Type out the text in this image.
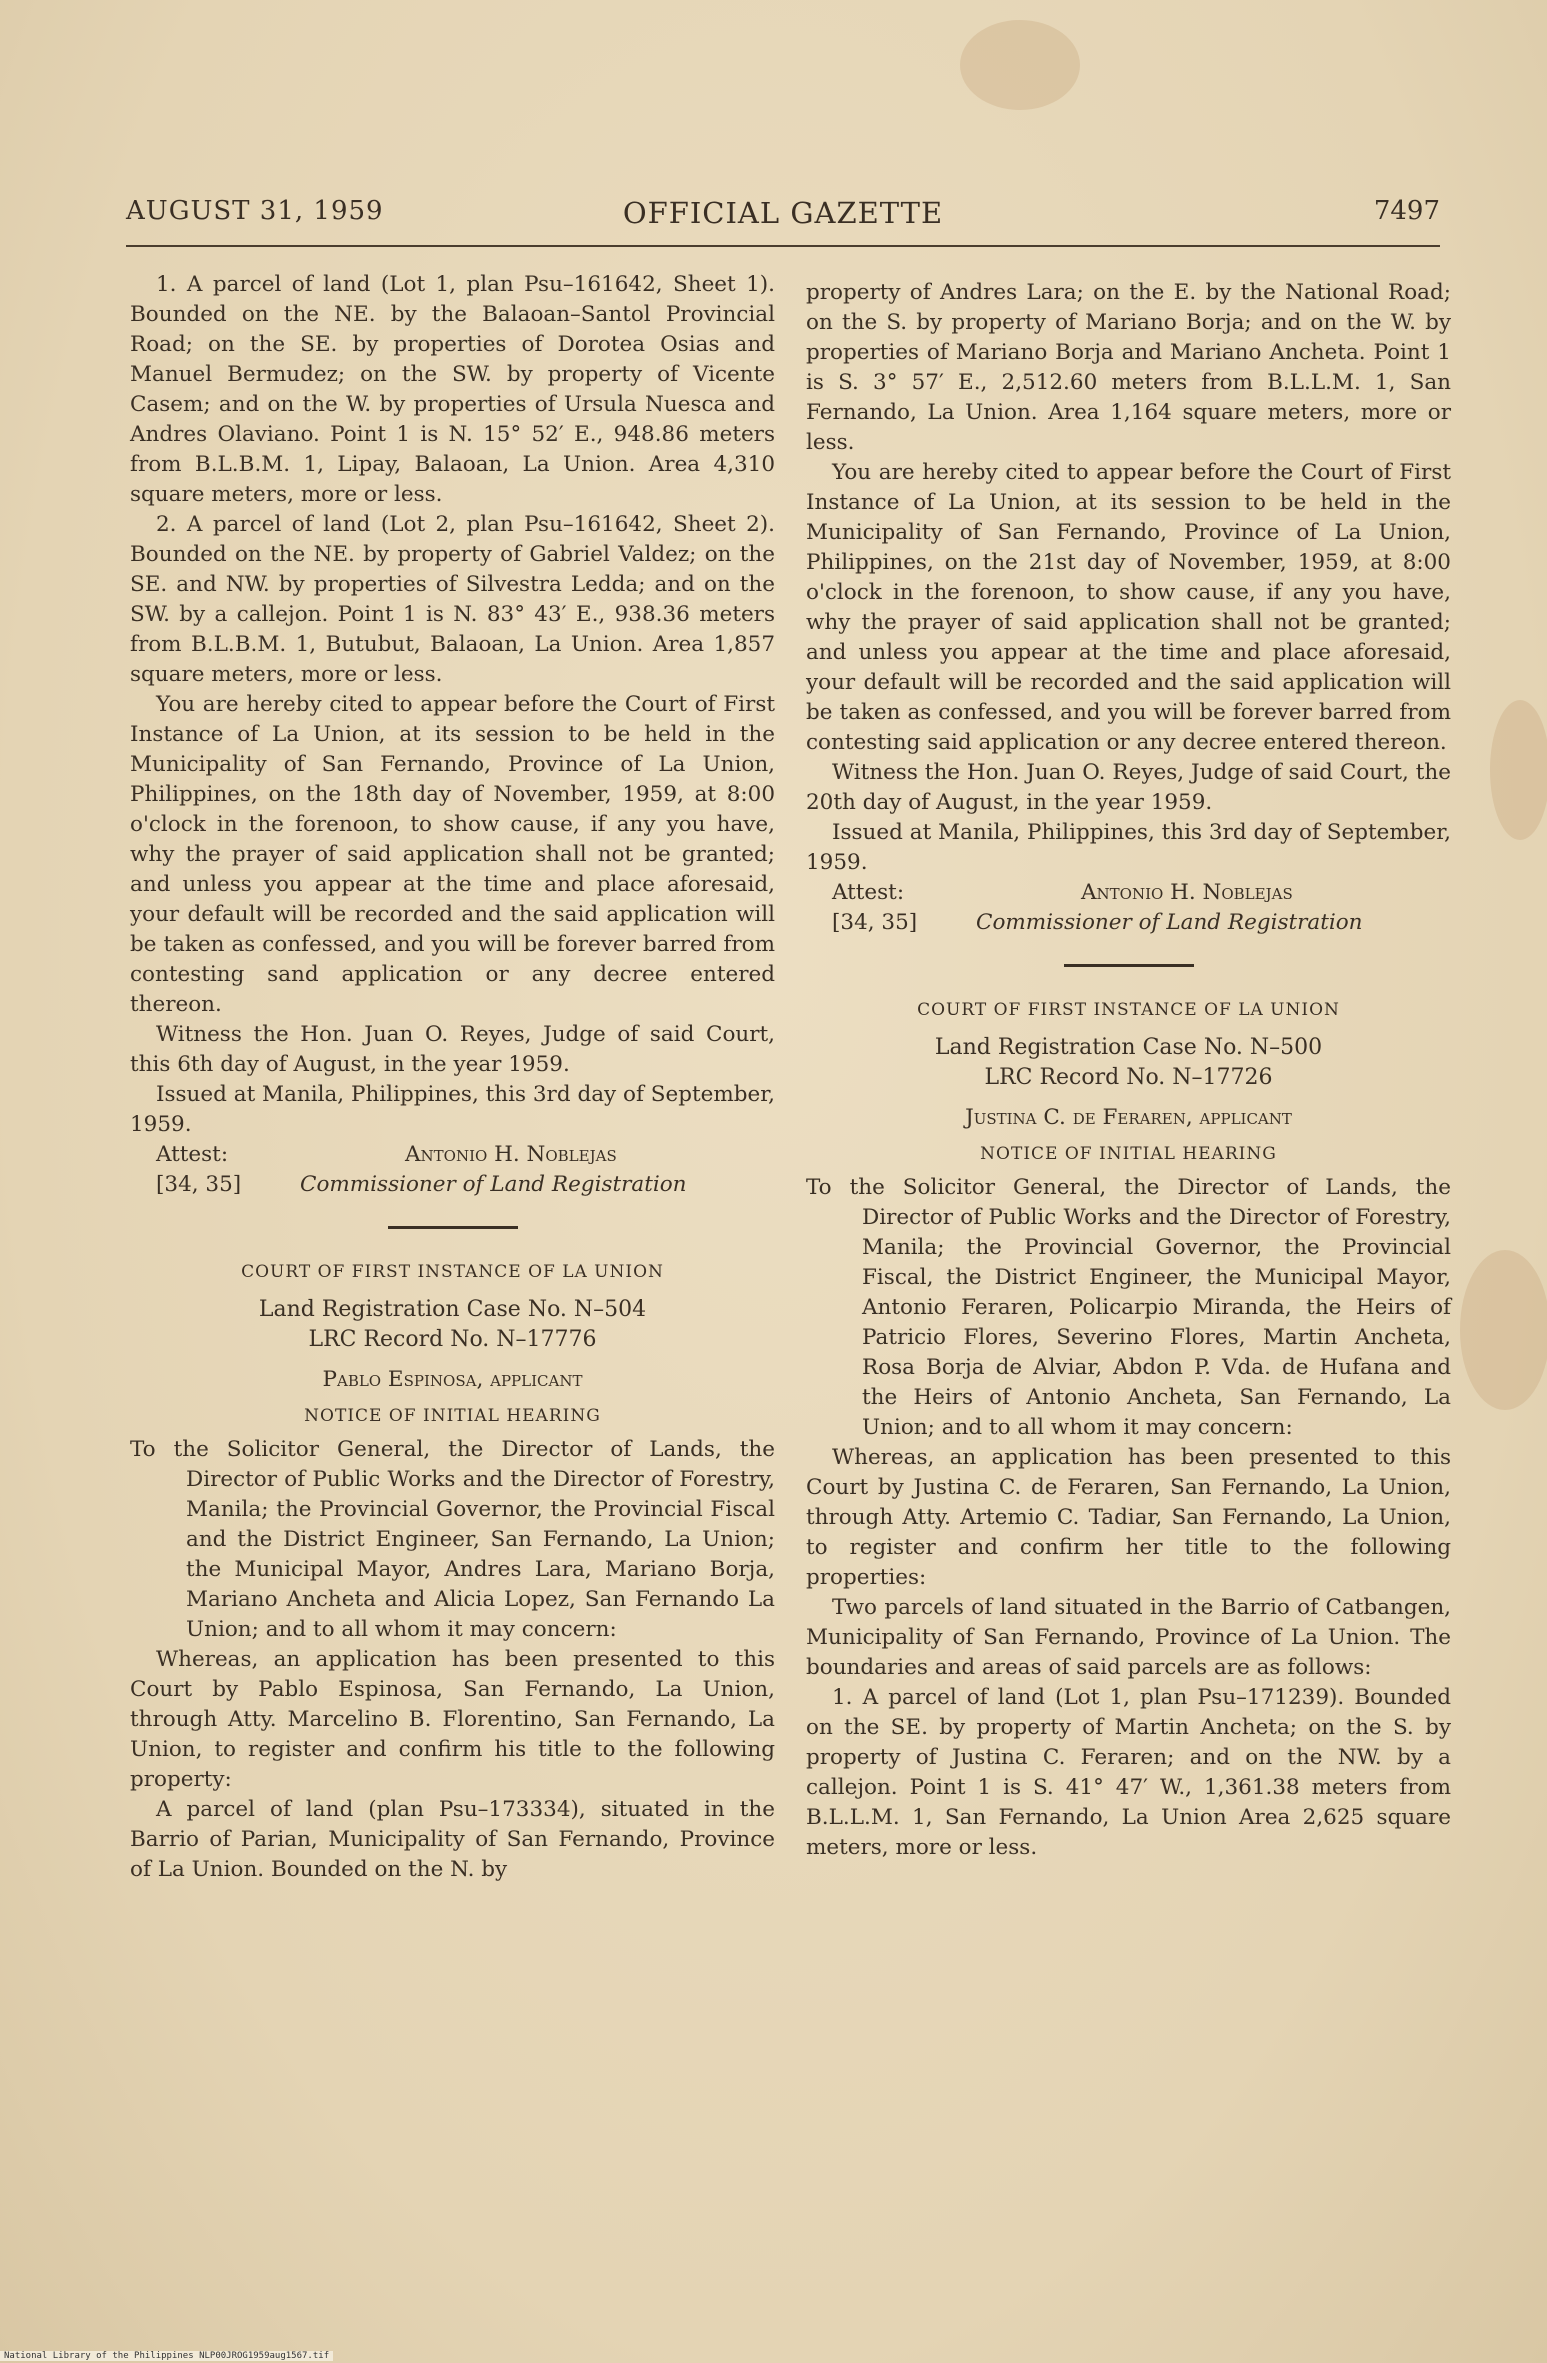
AUGUST 31, 1959	OFFICIAL GAZETTE	7497

1. A parcel of land (Lot 1, plan Psu–161642, Sheet 1). Bounded on the NE. by the Balaoan–Santol Provincial Road; on the SE. by properties of Dorotea Osias and Manuel Bermudez; on the SW. by property of Vicente Casem; and on the W. by properties of Ursula Nuesca and Andres Olaviano. Point 1 is N. 15° 52′ E., 948.86 meters from B.L.B.M. 1, Lipay, Balaoan, La Union. Area 4,310 square meters, more or less.

2. A parcel of land (Lot 2, plan Psu–161642, Sheet 2). Bounded on the NE. by property of Gabriel Valdez; on the SE. and NW. by properties of Silvestra Ledda; and on the SW. by a callejon. Point 1 is N. 83° 43′ E., 938.36 meters from B.L.B.M. 1, Butubut, Balaoan, La Union. Area 1,857 square meters, more or less.

You are hereby cited to appear before the Court of First Instance of La Union, at its session to be held in the Municipality of San Fernando, Province of La Union, Philippines, on the 18th day of November, 1959, at 8:00 o'clock in the forenoon, to show cause, if any you have, why the prayer of said application shall not be granted; and unless you appear at the time and place aforesaid, your default will be recorded and the said application will be taken as confessed, and you will be forever barred from contesting sand application or any decree entered thereon.

Witness the Hon. Juan O. Reyes, Judge of said Court, this 6th day of August, in the year 1959.

Issued at Manila, Philippines, this 3rd day of September, 1959.

Attest:
[34, 35]
Antonio H. Noblejas
Commissioner of Land Registration
COURT OF FIRST INSTANCE OF LA UNION
Land Registration Case No. N–504
LRC Record No. N–17776
Pablo Espinosa, applicant
NOTICE OF INITIAL HEARING

To the Solicitor General, the Director of Lands, the Director of Public Works and the Director of Forestry, Manila; the Provincial Governor, the Provincial Fiscal and the District Engineer, San Fernando, La Union; the Municipal Mayor, Andres Lara, Mariano Borja, Mariano Ancheta and Alicia Lopez, San Fernando La Union; and to all whom it may concern:

Whereas, an application has been presented to this Court by Pablo Espinosa, San Fernando, La Union, through Atty. Marcelino B. Florentino, San Fernando, La Union, to register and confirm his title to the following property:

A parcel of land (plan Psu–173334), situated in the Barrio of Parian, Municipality of San Fernando, Province of La Union. Bounded on the N. by

property of Andres Lara; on the E. by the National Road; on the S. by property of Mariano Borja; and on the W. by properties of Mariano Borja and Mariano Ancheta. Point 1 is S. 3° 57′ E., 2,512.60 meters from B.L.L.M. 1, San Fernando, La Union. Area 1,164 square meters, more or less.

You are hereby cited to appear before the Court of First Instance of La Union, at its session to be held in the Municipality of San Fernando, Province of La Union, Philippines, on the 21st day of November, 1959, at 8:00 o'clock in the forenoon, to show cause, if any you have, why the prayer of said application shall not be granted; and unless you appear at the time and place aforesaid, your default will be recorded and the said application will be taken as confessed, and you will be forever barred from contesting said application or any decree entered thereon.

Witness the Hon. Juan O. Reyes, Judge of said Court, the 20th day of August, in the year 1959.

Issued at Manila, Philippines, this 3rd day of September, 1959.

Attest:
[34, 35]
Antonio H. Noblejas
Commissioner of Land Registration
COURT OF FIRST INSTANCE OF LA UNION
Land Registration Case No. N–500
LRC Record No. N–17726
Justina C. de Feraren, applicant
NOTICE OF INITIAL HEARING

To the Solicitor General, the Director of Lands, the Director of Public Works and the Director of Forestry, Manila; the Provincial Governor, the Provincial Fiscal, the District Engineer, the Municipal Mayor, Antonio Feraren, Policarpio Miranda, the Heirs of Patricio Flores, Severino Flores, Martin Ancheta, Rosa Borja de Alviar, Abdon P. Vda. de Hufana and the Heirs of Antonio Ancheta, San Fernando, La Union; and to all whom it may concern:

Whereas, an application has been presented to this Court by Justina C. de Feraren, San Fernando, La Union, through Atty. Artemio C. Tadiar, San Fernando, La Union, to register and confirm her title to the following properties:

Two parcels of land situated in the Barrio of Catbangen, Municipality of San Fernando, Province of La Union. The boundaries and areas of said parcels are as follows:

1. A parcel of land (Lot 1, plan Psu–171239). Bounded on the SE. by property of Martin Ancheta; on the S. by property of Justina C. Feraren; and on the NW. by a callejon. Point 1 is S. 41° 47′ W., 1,361.38 meters from B.L.L.M. 1, San Fernando, La Union Area 2,625 square meters, more or less.

National Library of the Philippines NLP00JROG1959aug1567.tif
